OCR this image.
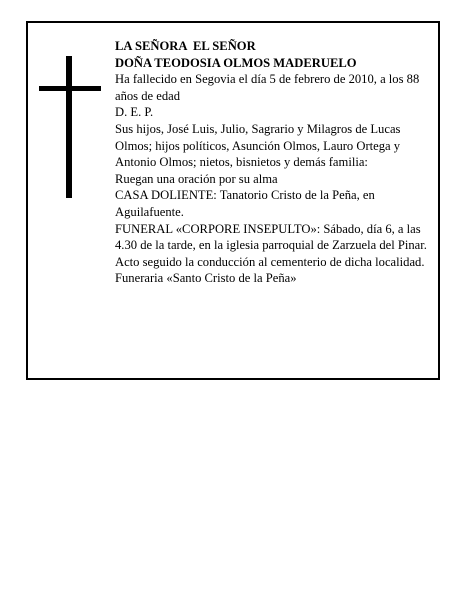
LA SEÑORA  EL SEÑOR

DOÑA TEODOSIA OLMOS MADERUELO

Ha fallecido en Segovia el día 5 de febrero de 2010, a los 88 años de edad

D. E. P.

Sus hijos, José Luis, Julio, Sagrario y Milagros de Lucas Olmos; hijos políticos, Asunción Olmos, Lauro Ortega y Antonio Olmos; nietos, bisnietos y demás familia:

Ruegan una oración por su alma

CASA DOLIENTE: Tanatorio Cristo de la Peña, en Aguilafuente.

FUNERAL «CORPORE INSEPULTO»: Sábado, día 6, a las 4.30 de la tarde, en la iglesia parroquial de Zarzuela del Pinar. Acto seguido la conducción al cementerio de dicha localidad.

Funeraria «Santo Cristo de la Peña»
